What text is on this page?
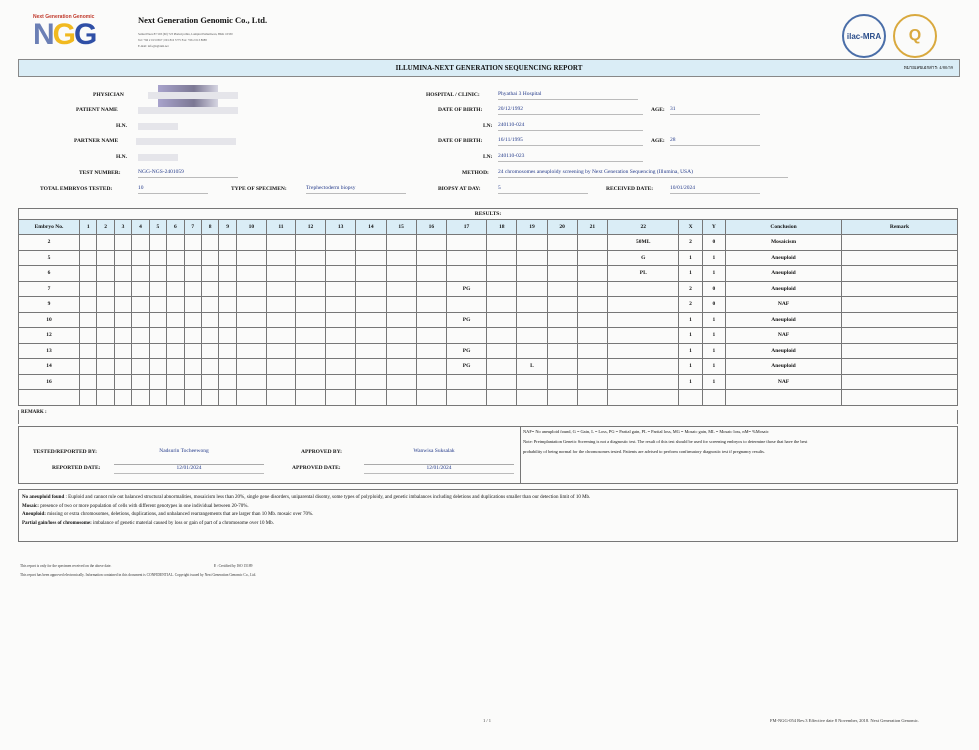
Next Generation Genomic
NGG	Next Generation Genomic Co., Ltd.
Samut Plaza 87/193 (60) 723 Phaholyothin, Lumpini Pathumwan, BKK 10330
Tel: +66 2 013 0657 | 091 816 5775 Fax: +66 2 013 8688
E-mail: info@ngbdeh.net
ilac-MRA	Q
ILLUMINA-NEXT GENERATION SEQUENCING REPORT	หมายเลขเอกสาร: 4/80/59
PHYSICIAN	HOSPITAL / CLINIC:	Phyathai 3 Hospital
PATIENT NAME	DATE OF BIRTH:	20/12/1992	AGE: 31
H.N.	LN: 240110-024
PARTNER NAME	DATE OF BIRTH:	16/11/1995	AGE: 28
H.N.	LN: 240110-023
TEST NUMBER:	NGG-NGS-2401059	METHOD: 24 chromosomes aneuploidy screening by Next Generation Sequencing (Illumina, USA)
TOTAL EMBRYOS TESTED:	10	TYPE OF SPECIMEN:	Trephectoderm biopsy	BIOPSY AT DAY:	5	RECEIVED DATE:	10/01/2024
RESULTS:																										
Embryo No.	1	2	3	4	5	6	7	8	9	10	11	12	13	14	15	16	17	18	19	20	21	22	X	Y	Conclusion	Remark
2																						50ML	2	0	Mosaicism	
5																						G	1	1	Aneuploid	
6																						PL	1	1	Aneuploid	
7																	PG						2	0	Aneuploid	
9																							2	0	NAF	
10																	PG						1	1	Aneuploid	
12																							1	1	NAF	
13																	PG						1	1	Aneuploid	
14																	PG		L				1	1	Aneuploid	
16																							1	1	NAF	

REMARK :
TESTED/REPORTED BY:	Nadsurin Tocheewong	APPROVED BY:	Wanwisa Suksalak
REPORTED DATE:	12/01/2024	APPROVED DATE:	12/01/2024
NAF= No aneuploid found, G = Gain, L = Loss, PG = Partial gain, PL = Partial loss, MG = Mosaic gain, ML = Mosaic loss, nM= %Mosaic
Note: Preimplantation Genetic Screening is not a diagnostic test. The result of this test should be used for screening embryos to determine those that have the best
probability of being normal for the chromosomes tested. Patients are advised to perform confirmatory diagnostic test if pregnancy results.
No aneuploid found : Euploid and cannot rule out balanced structural abnormalities, mosaicism less than 20%, single gene disorders, uniparental disomy, some types of polyploidy, and genetic imbalances including deletions and duplications smaller than our detection limit of 10 Mb.
Mosaic: presence of two or more population of cells with different genotypes in one individual between 20-70%.
Aneuploid: missing or extra chromosomes, deletions, duplications, and unbalanced rearrangements that are larger than 10 Mb. mosaic over 70%.
Partial gain/loss of chromosome: imbalance of genetic material caused by loss or gain of part of a chromosome over 10 Mb.
This report is only for the specimen received on the above date.	¥ : Certified by ISO 15189
This report has been approved electronically. Information contained in this document is CONFIDENTIAL. Copyright issued by Next Generation Genomic Co., Ltd.
1 / 1	FM-NGG-054 Rev.3 Effective date 8 November, 2018. Next Generation Genomic.
